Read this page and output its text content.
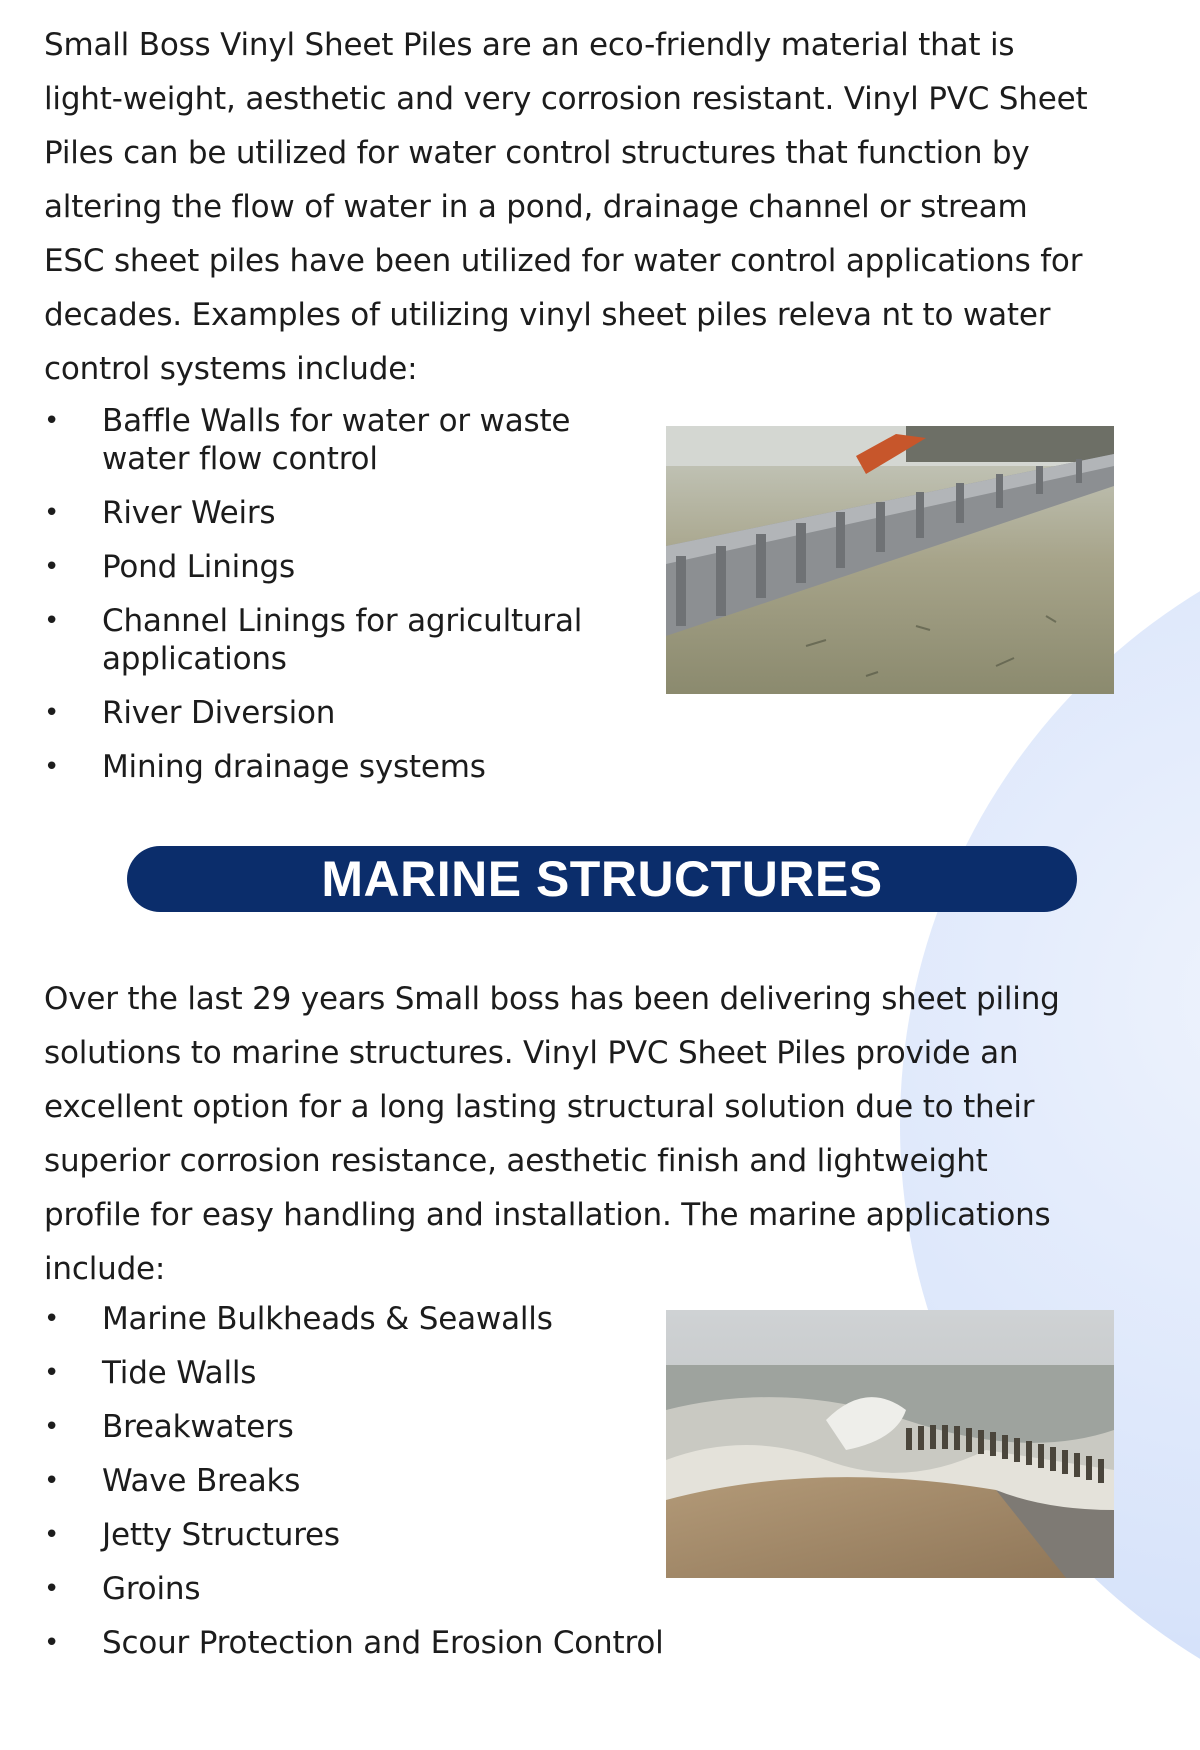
Small Boss Vinyl Sheet Piles are an eco-friendly material that is
light-weight, aesthetic and very corrosion resistant. Vinyl PVC Sheet
Piles can be utilized for water control structures that function by
altering the flow of water in a pond, drainage channel or stream
ESC sheet piles have been utilized for water control applications for
decades. Examples of utilizing vinyl sheet piles releva nt to water
control systems include:

• Baffle Walls for water or waste water flow control
• River Weirs
• Pond Linings
• Channel Linings for agricultural applications
• River Diversion
• Mining drainage systems
MARINE STRUCTURES

Over the last 29 years Small boss has been delivering sheet piling
solutions to marine structures. Vinyl PVC Sheet Piles provide an
excellent option for a long lasting structural solution due to their
superior corrosion resistance, aesthetic finish and lightweight
profile for easy handling and installation. The marine applications
include:

• Marine Bulkheads & Seawalls
• Tide Walls
• Breakwaters
• Wave Breaks
• Jetty Structures
• Groins
• Scour Protection and Erosion Control
